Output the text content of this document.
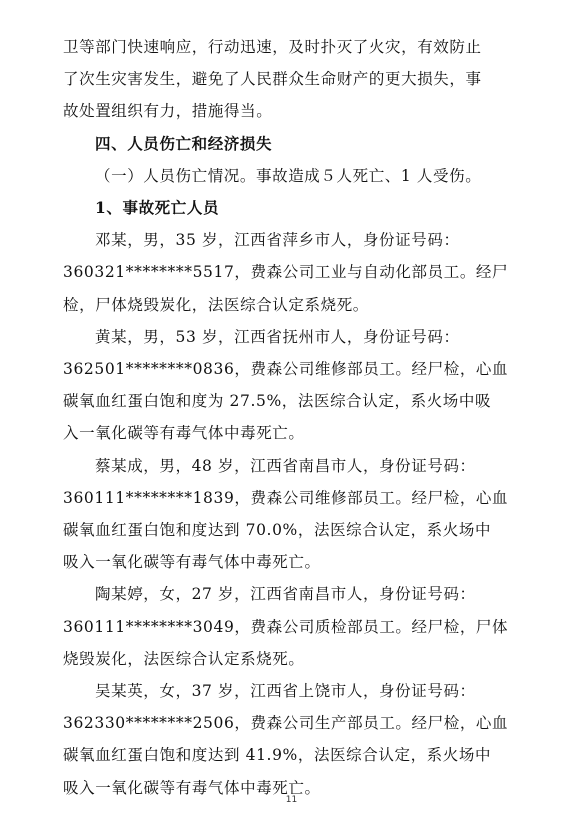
卫等部门快速响应，行动迅速，及时扑灭了火灾，有效防止
了次生灾害发生，避免了人民群众生命财产的更大损失，事
故处置组织有力，措施得当。
四、人员伤亡和经济损失
（一）人员伤亡情况。事故造成５人死亡、1 人受伤。
1、事故死亡人员
邓某，男，35 岁，江西省萍乡市人，身份证号码：
360321********5517，费森公司工业与自动化部员工。经尸
检，尸体烧毁炭化，法医综合认定系烧死。
黄某，男，53 岁，江西省抚州市人，身份证号码：
362501********0836，费森公司维修部员工。经尸检，心血
碳氧血红蛋白饱和度为 27.5%，法医综合认定，系火场中吸
入一氧化碳等有毒气体中毒死亡。
蔡某成，男，48 岁，江西省南昌市人，身份证号码：
360111********1839，费森公司维修部员工。经尸检，心血
碳氧血红蛋白饱和度达到 70.0%，法医综合认定，系火场中
吸入一氧化碳等有毒气体中毒死亡。
陶某婷，女，27 岁，江西省南昌市人，身份证号码：
360111********3049，费森公司质检部员工。经尸检，尸体
烧毁炭化，法医综合认定系烧死。
吴某英，女，37 岁，江西省上饶市人，身份证号码：
362330********2506，费森公司生产部员工。经尸检，心血
碳氧血红蛋白饱和度达到 41.9%，法医综合认定，系火场中
11
吸入一氧化碳等有毒气体中毒死亡。
